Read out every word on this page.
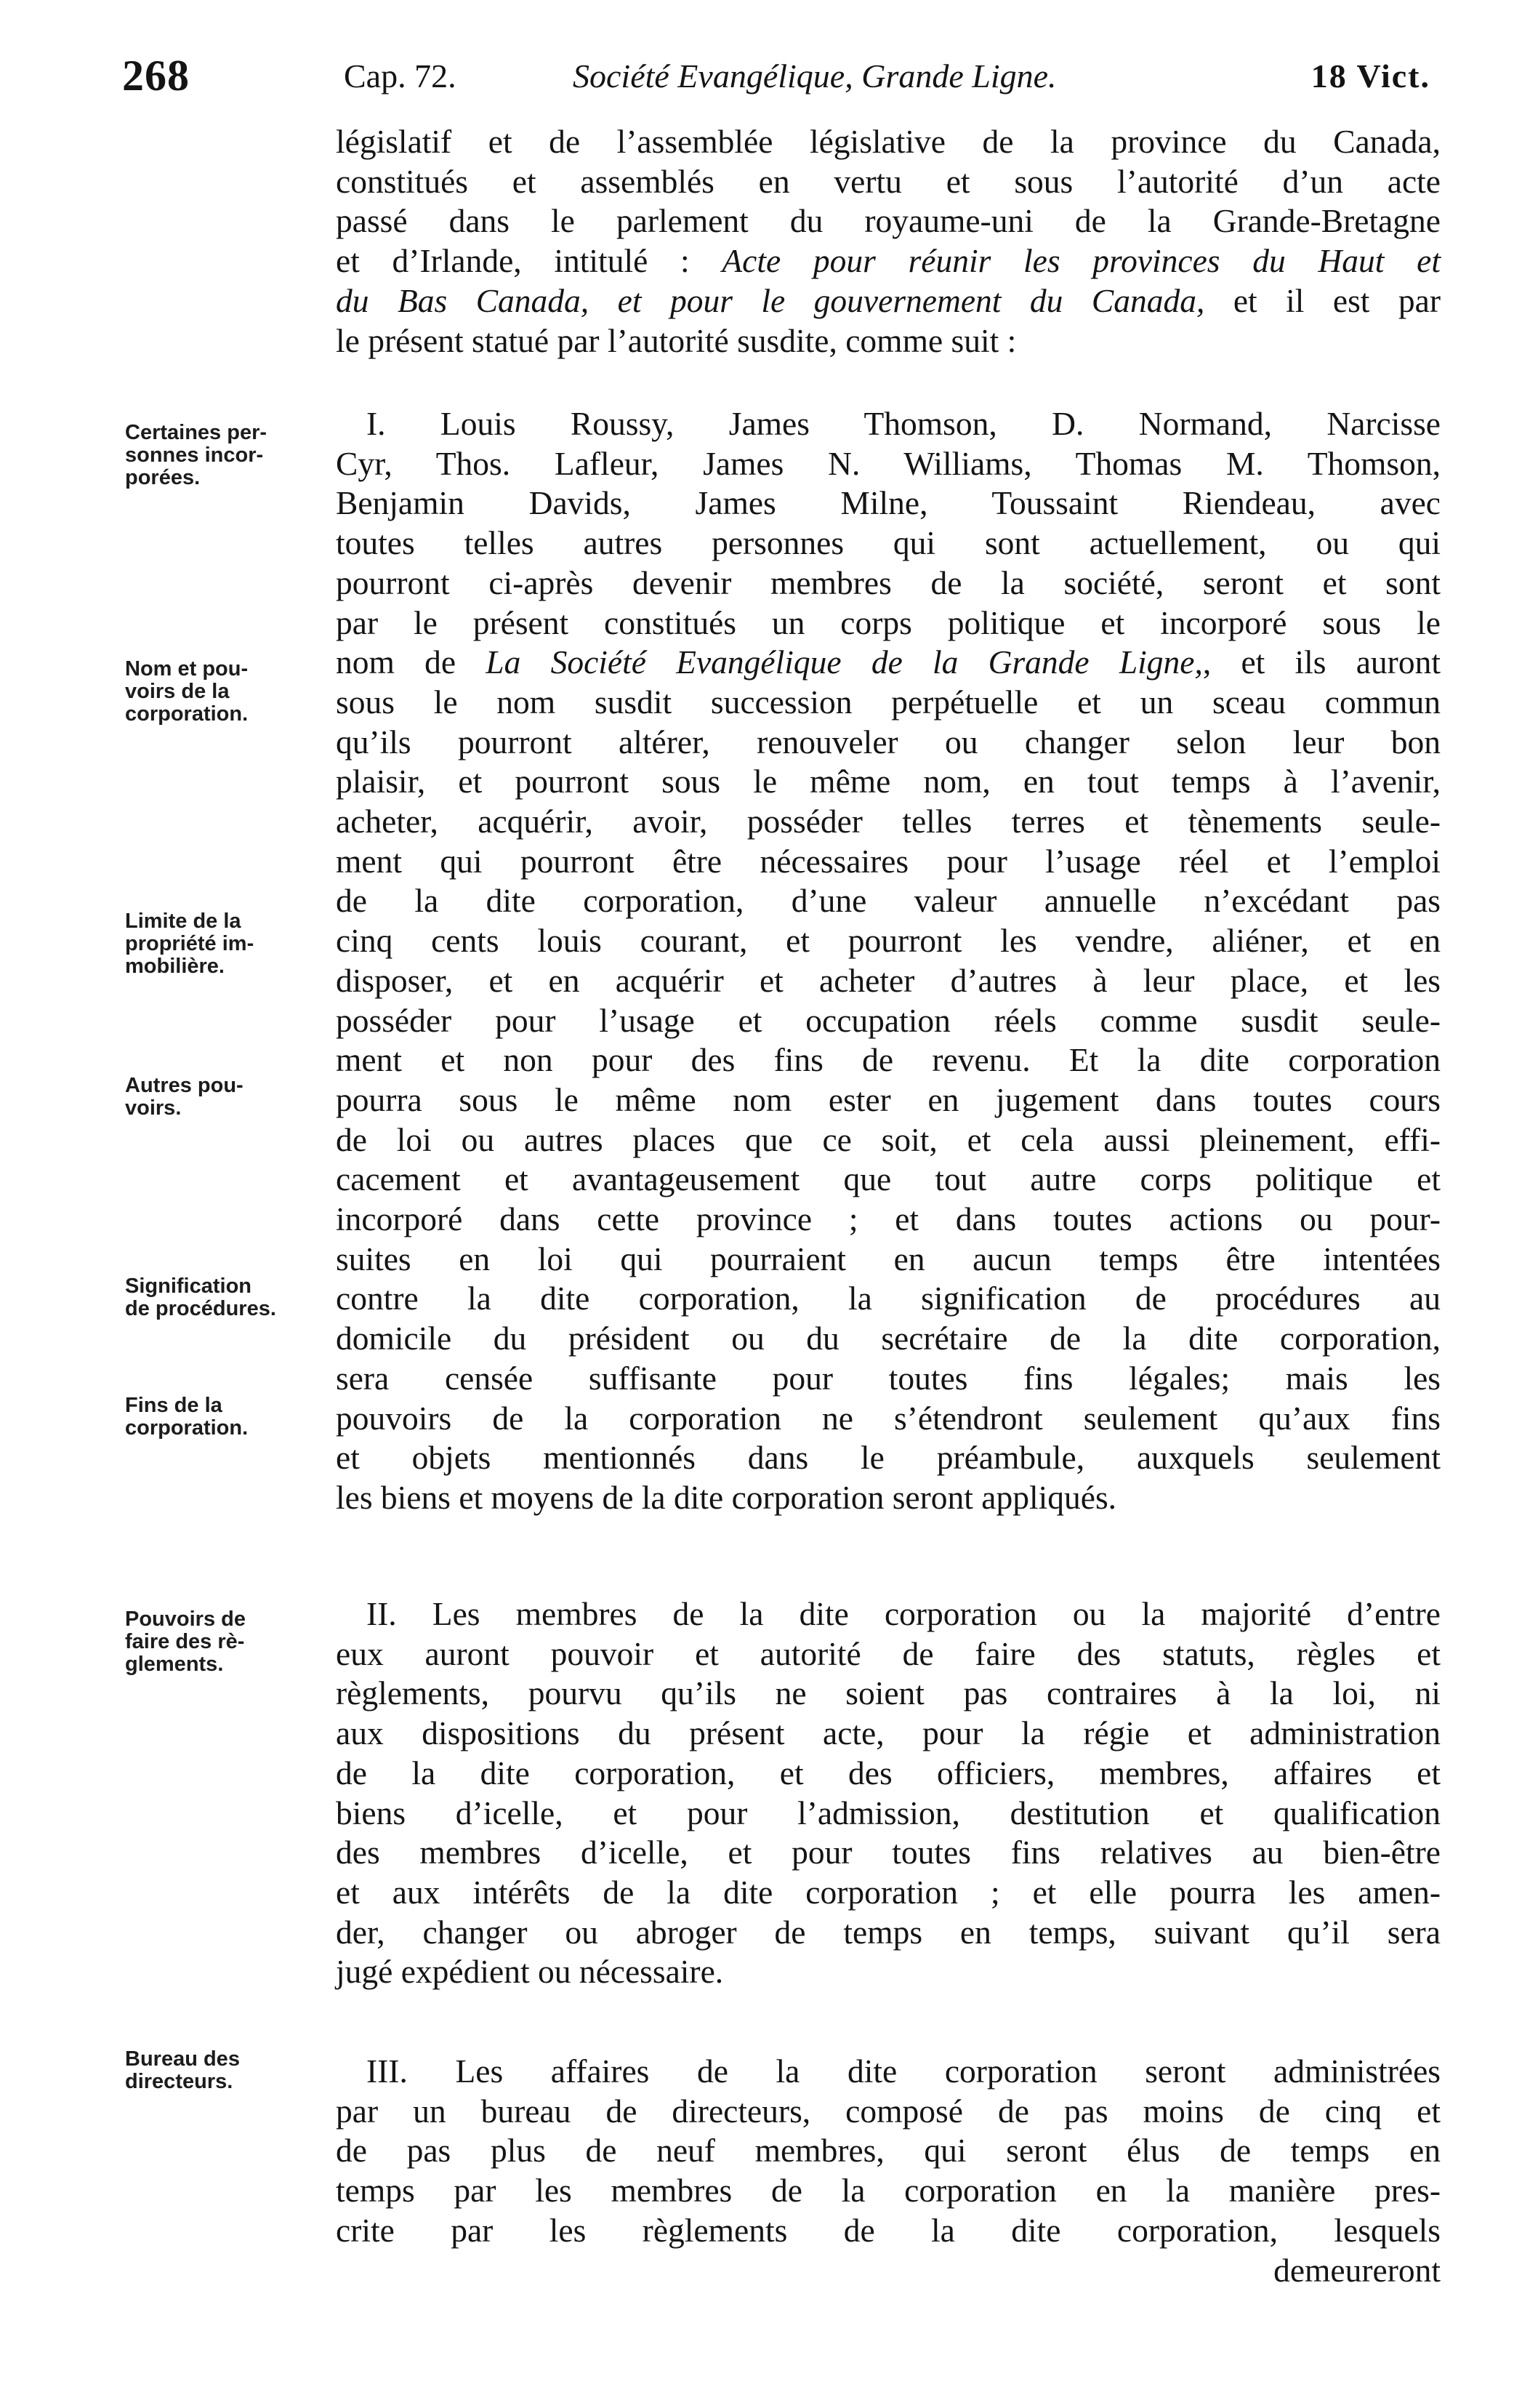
268	Cap. 72.	Société Evangélique, Grande Ligne.	18 Vict.
législatif et de l’assemblée législative de la province du Canada,
constitués et assemblés en vertu et sous l’autorité d’un acte
passé dans le parlement du royaume-uni de la Grande-Bretagne
et d’Irlande, intitulé : Acte pour réunir les provinces du Haut et
du Bas Canada, et pour le gouvernement du Canada, et il est par
le présent statué par l’autorité susdite, comme suit :
I. Louis Roussy, James Thomson, D. Normand, Narcisse
Cyr, Thos. Lafleur, James N. Williams, Thomas M. Thomson,
Benjamin Davids, James Milne, Toussaint Riendeau, avec
toutes telles autres personnes qui sont actuellement, ou qui
pourront ci-après devenir membres de la société, seront et sont
par le présent constitués un corps politique et incorporé sous le
nom de La Société Evangélique de la Grande Ligne,, et ils auront
sous le nom susdit succession perpétuelle et un sceau commun
qu’ils pourront altérer, renouveler ou changer selon leur bon
plaisir, et pourront sous le même nom, en tout temps à l’avenir,
acheter, acquérir, avoir, posséder telles terres et tènements seule-
ment qui pourront être nécessaires pour l’usage réel et l’emploi
de la dite corporation, d’une valeur annuelle n’excédant pas
cinq cents louis courant, et pourront les vendre, aliéner, et en
disposer, et en acquérir et acheter d’autres à leur place, et les
posséder pour l’usage et occupation réels comme susdit seule-
ment et non pour des fins de revenu. Et la dite corporation
pourra sous le même nom ester en jugement dans toutes cours
de loi ou autres places que ce soit, et cela aussi pleinement, effi-
cacement et avantageusement que tout autre corps politique et
incorporé dans cette province ; et dans toutes actions ou pour-
suites en loi qui pourraient en aucun temps être intentées
contre la dite corporation, la signification de procédures au
domicile du président ou du secrétaire de la dite corporation,
sera censée suffisante pour toutes fins légales; mais les
pouvoirs de la corporation ne s’étendront seulement qu’aux fins
et objets mentionnés dans le préambule, auxquels seulement
les biens et moyens de la dite corporation seront appliqués.
II. Les membres de la dite corporation ou la majorité d’entre
eux auront pouvoir et autorité de faire des statuts, règles et
règlements, pourvu qu’ils ne soient pas contraires à la loi, ni
aux dispositions du présent acte, pour la régie et administration
de la dite corporation, et des officiers, membres, affaires et
biens d’icelle, et pour l’admission, destitution et qualification
des membres d’icelle, et pour toutes fins relatives au bien-être
et aux intérêts de la dite corporation ; et elle pourra les amen-
der, changer ou abroger de temps en temps, suivant qu’il sera
jugé expédient ou nécessaire.
III. Les affaires de la dite corporation seront administrées
par un bureau de directeurs, composé de pas moins de cinq et
de pas plus de neuf membres, qui seront élus de temps en
temps par les membres de la corporation en la manière pres-
crite par les règlements de la dite corporation, lesquels
demeureront
Certaines per-
sonnes incor-
porées.
Nom et pou-
voirs de la
corporation.
Limite de la
propriété im-
mobilière.
Autres pou-
voirs.
Signification
de procédures.
Fins de la
corporation.
Pouvoirs de
faire des rè-
glements.
Bureau des
directeurs.
